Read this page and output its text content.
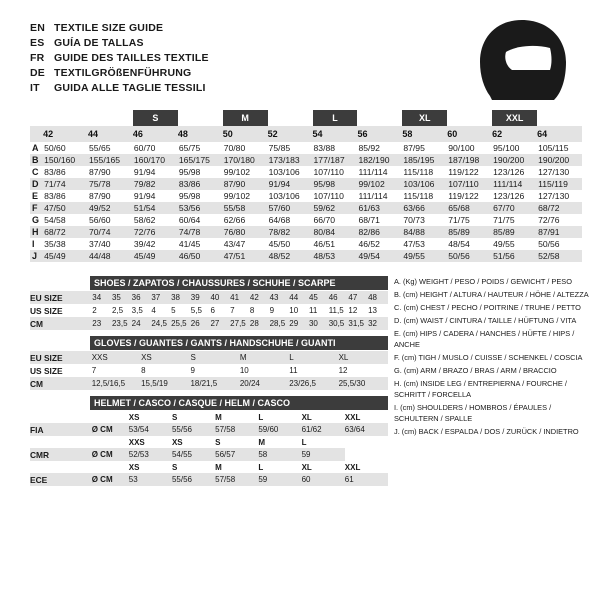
EN TEXTILE SIZE GUIDE
ES GUÍA DE TALLAS
FR GUIDE DES TAILLES TEXTILE
DE TEXTILGRÖßENFÜHRUNG
IT	GUIDA ALLE TAGLIE TESSILI
			S		M		L		XL		XXL	
	42	44	46	48	50	52	54	56	58	60	62	64
A	50/60	55/65	60/70	65/75	70/80	75/85	83/88	85/92	87/95	90/100	95/100	105/115
B	150/160	155/165	160/170	165/175	170/180	173/183	177/187	182/190	185/195	187/198	190/200	190/200
C	83/86	87/90	91/94	95/98	99/102	103/106	107/110	111/114	115/118	119/122	123/126	127/130
D	71/74	75/78	79/82	83/86	87/90	91/94	95/98	99/102	103/106	107/110	111/114	115/119
E	83/86	87/90	91/94	95/98	99/102	103/106	107/110	111/114	115/118	119/122	123/126	127/130
F	47/50	49/52	51/54	53/56	55/58	57/60	59/62	61/63	63/66	65/68	67/70	68/72
G	54/58	56/60	58/62	60/64	62/66	64/68	66/70	68/71	70/73	71/75	71/75	72/76
H	68/72	70/74	72/76	74/78	76/80	78/82	80/84	82/86	84/88	85/89	85/89	87/91
I	35/38	37/40	39/42	41/45	43/47	45/50	46/51	46/52	47/53	48/54	49/55	50/56
J	45/49	44/48	45/49	46/50	47/51	48/52	48/53	49/54	49/55	50/56	51/56	52/58
SHOES / ZAPATOS / CHAUSSURES / SCHUHE / SCARPE
EU SIZE	34	35	36	37	38	39	40	41	42	43	44	45	46	47	48
US SIZE	2	2,5	3,5	4	5	5,5	6	7	8	9	10	11	11,5	12	13
CM	23	23,5	24	24,5	25,5	26	27	27,5	28	28,5	29	30	30,5	31,5	32
GLOVES / GUANTES / GANTS / HANDSCHUHE / GUANTI
EU SIZE	XXS	XS	S	M	L	XL
US SIZE	7	8	9	10	11	12
CM	12,5/16,5	15,5/19	18/21,5	20/24	23/26,5	25,5/30
HELMET / CASCO / CASQUE / HELM / CASCO
		XS	S	M	L	XL	XXL
FIA	Ø CM	53/54	55/56	57/58	59/60	61/62	63/64
		XXS	XS	S	M	L	
CMR	Ø CM	52/53	54/55	56/57	58	59	
		XS	S	M	L	XL	XXL
ECE	Ø CM	53	55/56	57/58	59	60	61
A. (Kg) WEIGHT / PESO / POIDS / GEWICHT / PESO
B. (cm) HEIGHT / ALTURA / HAUTEUR / HÖHE / ALTEZZA
C. (cm) CHEST / PECHO / POITRINE / TRUHE / PETTO
D. (cm) WAIST / CINTURA / TAILLE / HÜFTUNG / VITA
E. (cm) HIPS / CADERA / HANCHES / HÜFTE / HIPS / ANCHE
F. (cm) TIGH / MUSLO / CUISSE / SCHENKEL / COSCIA
G. (cm) ARM / BRAZO / BRAS / ARM / BRACCIO
H. (cm) INSIDE LEG / ENTREPIERNA / FOURCHE / SCHRITT / FORCELLA
I. (cm) SHOULDERS / HOMBROS / ÉPAULES / SCHULTERN / SPALLE
J. (cm) BACK / ESPALDA / DOS / ZURÜCK / INDIETRO
